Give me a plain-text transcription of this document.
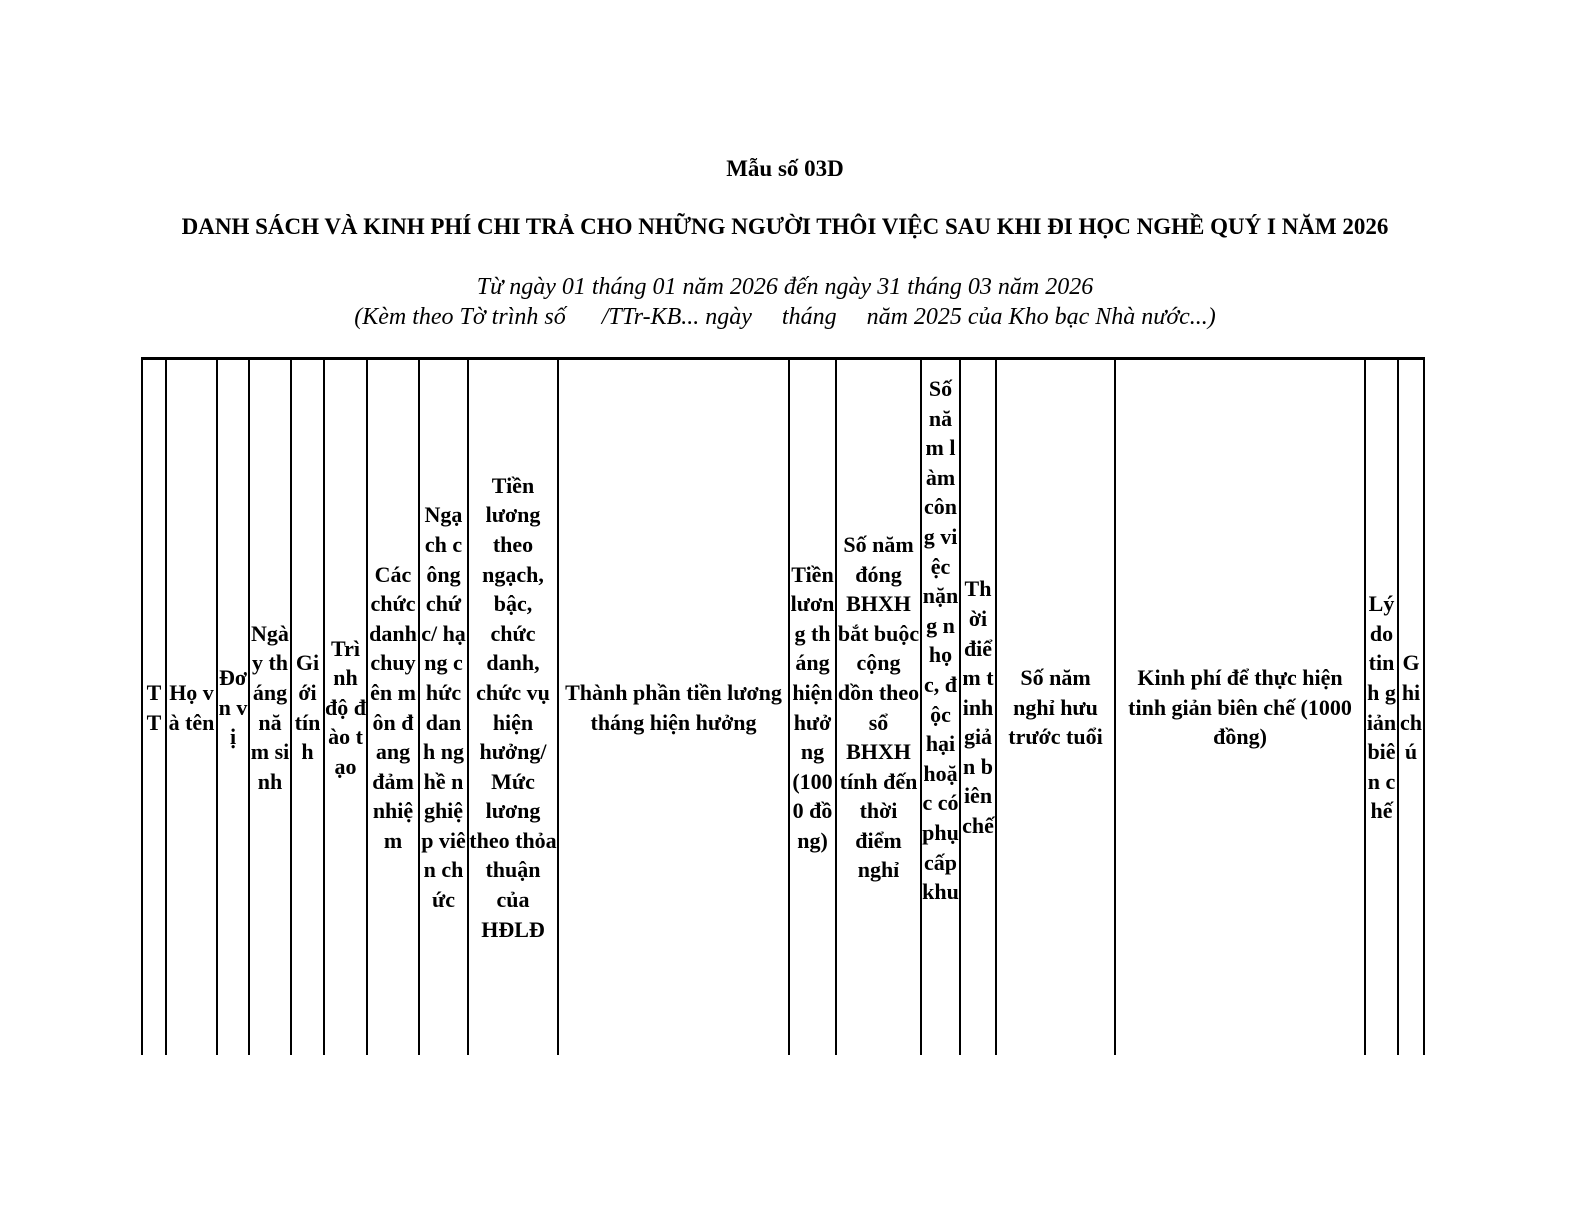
Mẫu số 03D
DANH SÁCH VÀ KINH PHÍ CHI TRẢ CHO NHỮNG NGƯỜI THÔI VIỆC SAU KHI ĐI HỌC NGHỀ QUÝ I NĂM 2026
Từ ngày 01 tháng 01 năm 2026 đến ngày 31 tháng 03 năm 2026
(Kèm theo Tờ trình số      /TTr-KB... ngày     tháng     năm 2025 của Kho bạc Nhà nước...)
TT
Họ và tên
Đơn vị
Ngày tháng năm sinh
Giới tính
Trình độ đào tạo
Các chức danh chuyên môn đang đảm nhiệm
Ngạch công chức/ hạng chức danh nghề nghiệp viên chức
Tiền lương theo ngạch, bậc, chức danh, chức vụ hiện hưởng/ Mức lương theo thỏa thuận của HĐLĐ
Thành phần tiền lương tháng hiện hưởng
Tiền lương tháng hiện hưởng (1000 đồng)
Số năm đóng BHXH bắt buộc cộng dồn theo sổ BHXH tính đến thời điểm nghỉ
Số năm làm công việc nặng nhọc, độc hại hoặc có phụ cấp khu
Thời điểm tinh giản biên chế
Số năm nghỉ hưu trước tuổi
Kinh phí để thực hiện tinh giản biên chế (1000 đồng)
Lý do tinh giản biên chế
Ghi chú
